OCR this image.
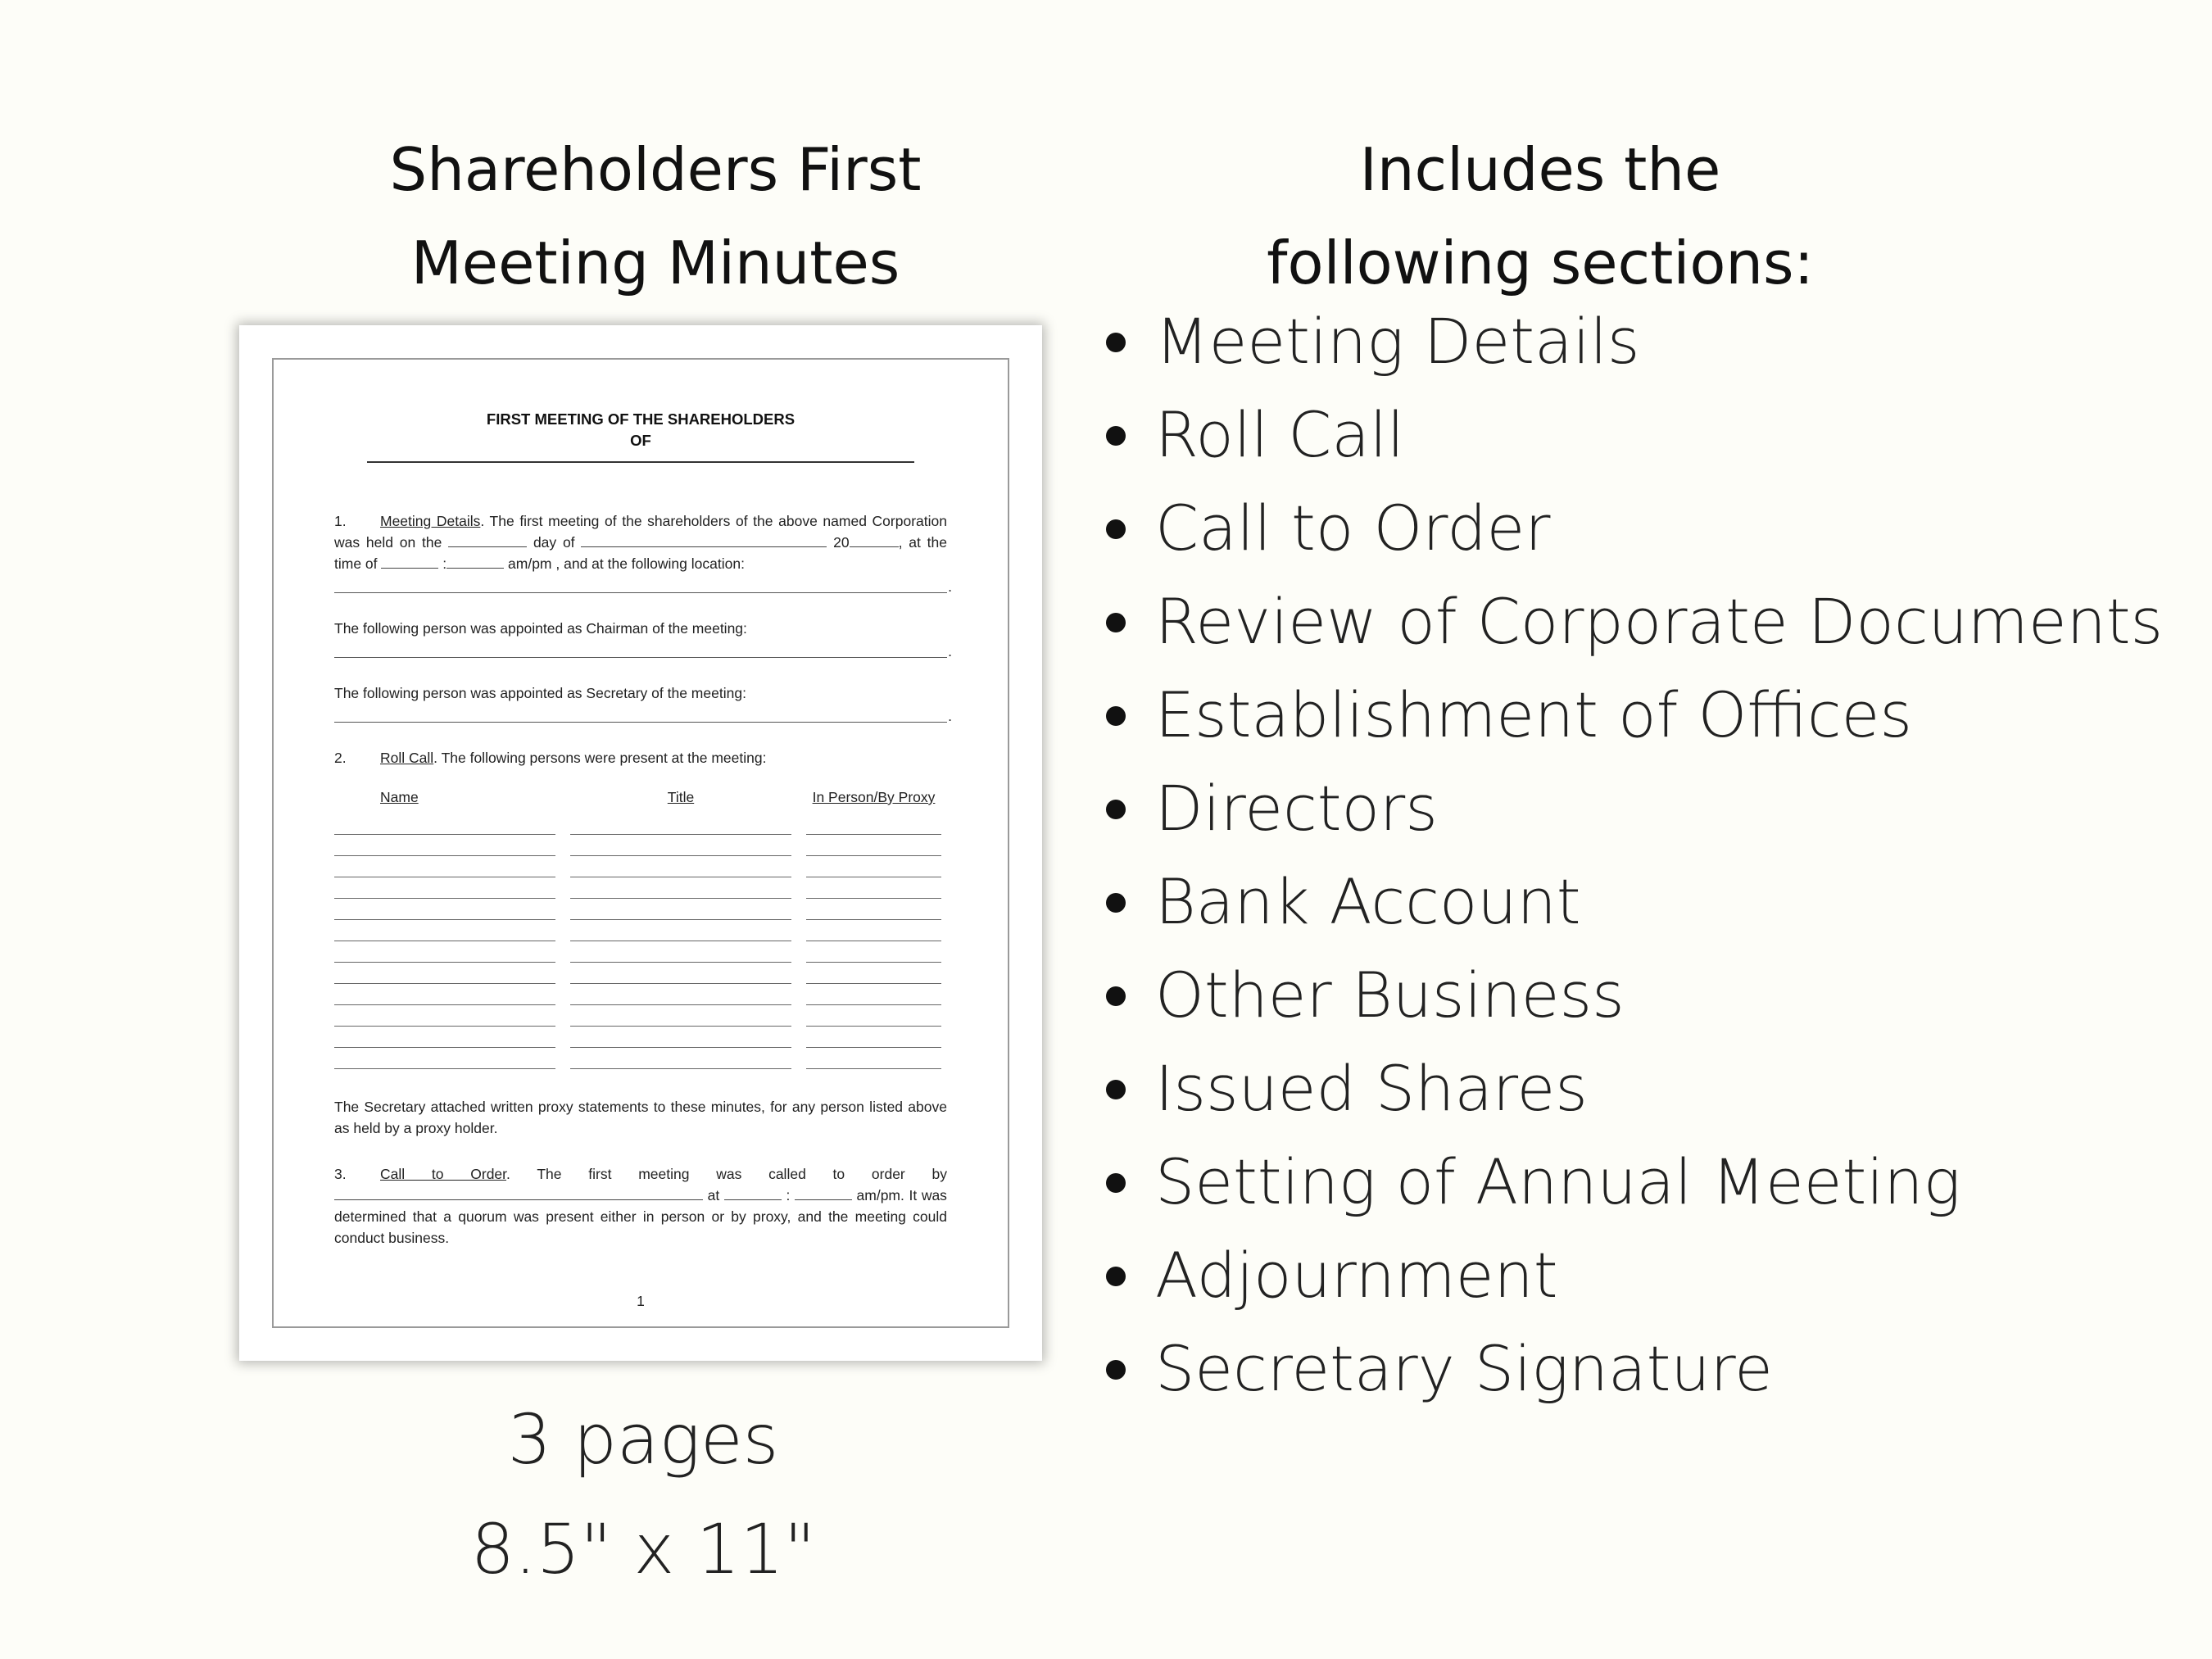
Shareholders First
Meeting Minutes
Includes the
following sections:
Meeting Details
Roll Call
Call to Order
Review of Corporate Documents
Establishment of Offices
Directors
Bank Account
Other Business
Issued Shares
Setting of Annual Meeting
Adjournment
Secretary Signature
FIRST MEETING OF THE SHAREHOLDERS
OF
1. Meeting Details. The first meeting of the shareholders of the above named Corporation was held on the	day of	20	, at the time of	:	am/pm , and at the following location:
.
The following person was appointed as Chairman of the meeting:
.
The following person was appointed as Secretary of the meeting:
.
2. Roll Call. The following persons were present at the meeting:
Name	Title	In Person/By Proxy
The Secretary attached written proxy statements to these minutes, for any person listed above as held by a proxy holder.
3. Call to Order. The first meeting was called to order by  at	:	am/pm. It was determined that a quorum was present either in person or by proxy, and the meeting could conduct business.
1
3 pages
8.5" x 11"
